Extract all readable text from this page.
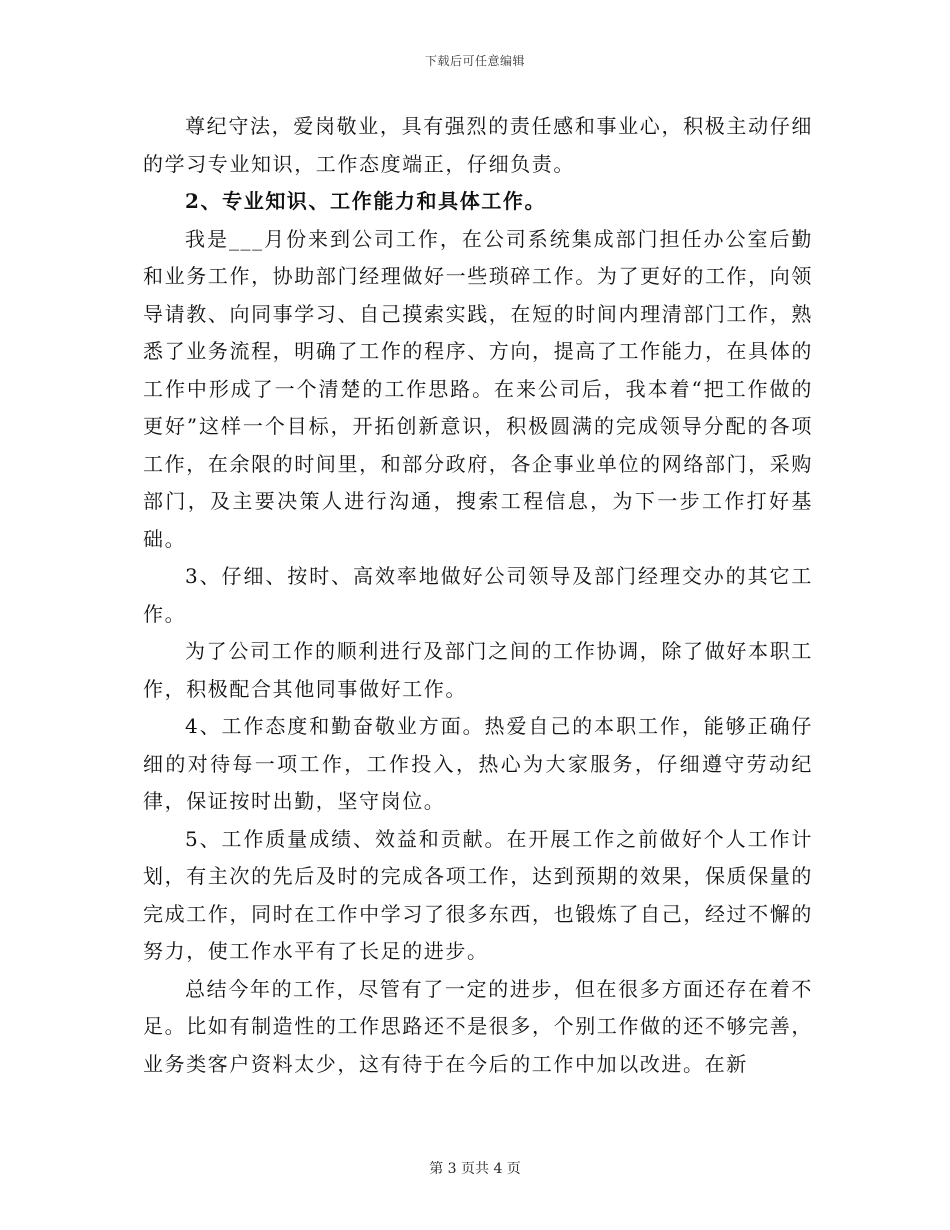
下载后可任意编辑

尊纪守法，爱岗敬业，具有强烈的责任感和事业心，积极主动仔细的学习专业知识，工作态度端正，仔细负责。

2、专业知识、工作能力和具体工作。

我是___月份来到公司工作，在公司系统集成部门担任办公室后勤和业务工作，协助部门经理做好一些琐碎工作。为了更好的工作，向领导请教、向同事学习、自己摸索实践，在短的时间内理清部门工作，熟悉了业务流程，明确了工作的程序、方向，提高了工作能力，在具体的工作中形成了一个清楚的工作思路。在来公司后，我本着“把工作做的更好”这样一个目标，开拓创新意识，积极圆满的完成领导分配的各项工作，在余限的时间里，和部分政府，各企事业单位的网络部门，采购部门，及主要决策人进行沟通，搜索工程信息，为下一步工作打好基础。

3、仔细、按时、高效率地做好公司领导及部门经理交办的其它工作。

为了公司工作的顺利进行及部门之间的工作协调，除了做好本职工作，积极配合其他同事做好工作。

4、工作态度和勤奋敬业方面。热爱自己的本职工作，能够正确仔细的对待每一项工作，工作投入，热心为大家服务，仔细遵守劳动纪律，保证按时出勤，坚守岗位。

5、工作质量成绩、效益和贡献。在开展工作之前做好个人工作计划，有主次的先后及时的完成各项工作，达到预期的效果，保质保量的完成工作，同时在工作中学习了很多东西，也锻炼了自己，经过不懈的努力，使工作水平有了长足的进步。

总结今年的工作，尽管有了一定的进步，但在很多方面还存在着不足。比如有制造性的工作思路还不是很多，个别工作做的还不够完善，业务类客户资料太少，这有待于在今后的工作中加以改进。在新

第 3 页共 4 页
